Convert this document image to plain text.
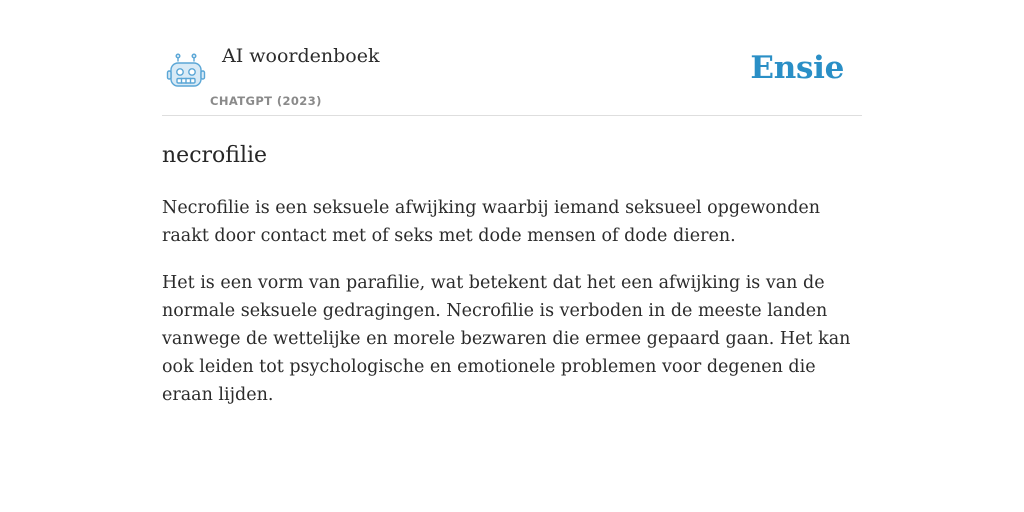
AI woordenboek
CHATGPT (2023)
Ensie
necrofilie

Necrofilie is een seksuele afwijking waarbij iemand seksueel opgewonden raakt door contact met of seks met dode mensen of dode dieren.

Het is een vorm van parafilie, wat betekent dat het een afwijking is van de normale seksuele gedragingen. Necrofilie is verboden in de meeste landen vanwege de wettelijke en morele bezwaren die ermee gepaard gaan. Het kan ook leiden tot psychologische en emotionele problemen voor degenen die eraan lijden.
